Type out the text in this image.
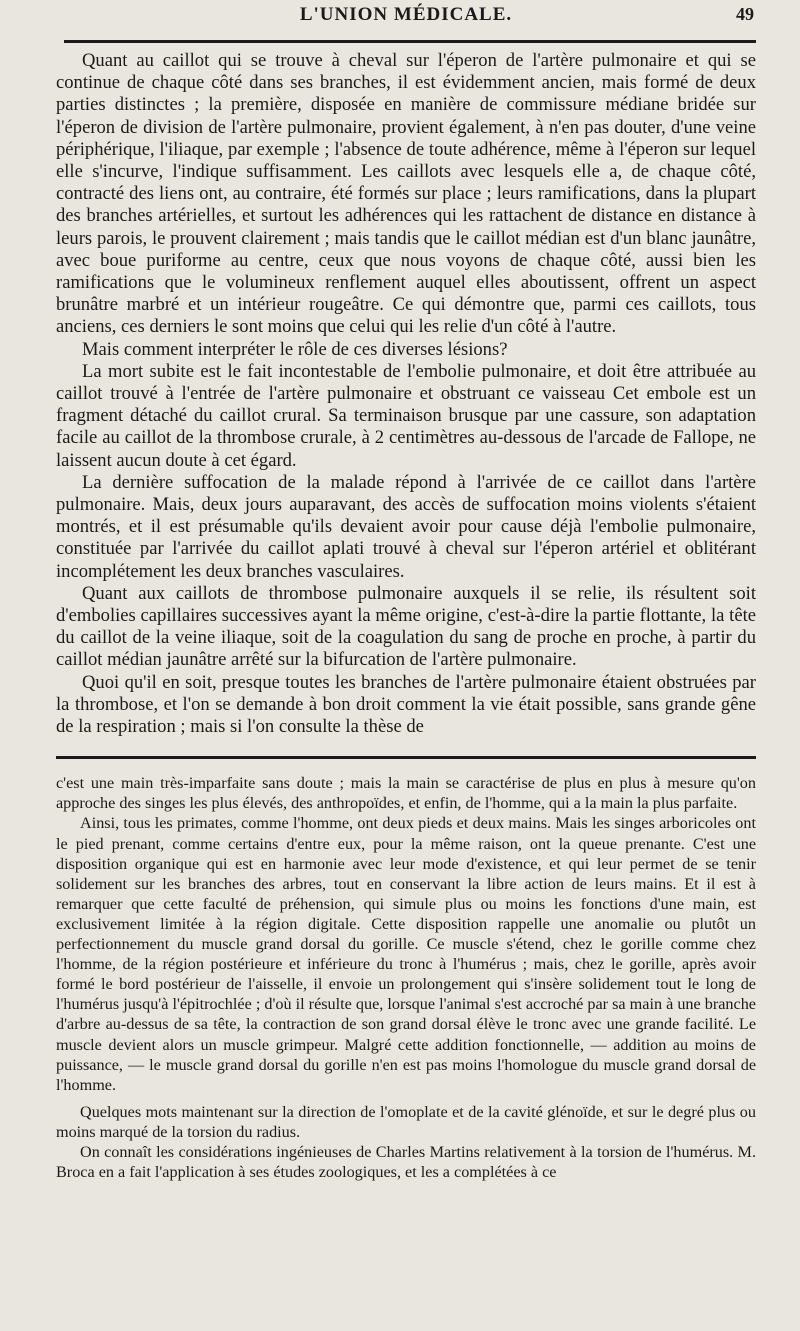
L'UNION MÉDICALE.	49

Quant au caillot qui se trouve à cheval sur l'éperon de l'artère pulmonaire et qui se continue de chaque côté dans ses branches, il est évidemment ancien, mais formé de deux parties distinctes ; la première, disposée en manière de commissure médiane bridée sur l'éperon de division de l'artère pulmonaire, provient également, à n'en pas douter, d'une veine périphérique, l'iliaque, par exemple ; l'absence de toute adhérence, même à l'éperon sur lequel elle s'incurve, l'indique suffisamment. Les caillots avec lesquels elle a, de chaque côté, contracté des liens ont, au contraire, été formés sur place ; leurs ramifications, dans la plupart des branches artérielles, et surtout les adhérences qui les rattachent de distance en distance à leurs parois, le prouvent clairement ; mais tandis que le caillot médian est d'un blanc jaunâtre, avec boue puriforme au centre, ceux que nous voyons de chaque côté, aussi bien les ramifications que le volumineux renflement auquel elles aboutissent, offrent un aspect brunâtre marbré et un intérieur rougeâtre. Ce qui démontre que, parmi ces caillots, tous anciens, ces derniers le sont moins que celui qui les relie d'un côté à l'autre.

Mais comment interpréter le rôle de ces diverses lésions?

La mort subite est le fait incontestable de l'embolie pulmonaire, et doit être attribuée au caillot trouvé à l'entrée de l'artère pulmonaire et obstruant ce vaisseau Cet embole est un fragment détaché du caillot crural. Sa terminaison brusque par une cassure, son adaptation facile au caillot de la thrombose crurale, à 2 centimètres au-dessous de l'arcade de Fallope, ne laissent aucun doute à cet égard.

La dernière suffocation de la malade répond à l'arrivée de ce caillot dans l'artère pulmonaire. Mais, deux jours auparavant, des accès de suffocation moins violents s'étaient montrés, et il est présumable qu'ils devaient avoir pour cause déjà l'embolie pulmonaire, constituée par l'arrivée du caillot aplati trouvé à cheval sur l'éperon artériel et oblitérant incomplétement les deux branches vasculaires.

Quant aux caillots de thrombose pulmonaire auxquels il se relie, ils résultent soit d'embolies capillaires successives ayant la même origine, c'est-à-dire la partie flottante, la tête du caillot de la veine iliaque, soit de la coagulation du sang de proche en proche, à partir du caillot médian jaunâtre arrêté sur la bifurcation de l'artère pulmonaire.

Quoi qu'il en soit, presque toutes les branches de l'artère pulmonaire étaient obstruées par la thrombose, et l'on se demande à bon droit comment la vie était possible, sans grande gêne de la respiration ; mais si l'on consulte la thèse de

c'est une main très-imparfaite sans doute ; mais la main se caractérise de plus en plus à mesure qu'on approche des singes les plus élevés, des anthropoïdes, et enfin, de l'homme, qui a la main la plus parfaite.

Ainsi, tous les primates, comme l'homme, ont deux pieds et deux mains. Mais les singes arboricoles ont le pied prenant, comme certains d'entre eux, pour la même raison, ont la queue prenante. C'est une disposition organique qui est en harmonie avec leur mode d'existence, et qui leur permet de se tenir solidement sur les branches des arbres, tout en conservant la libre action de leurs mains. Et il est à remarquer que cette faculté de préhension, qui simule plus ou moins les fonctions d'une main, est exclusivement limitée à la région digitale. Cette disposition rappelle une anomalie ou plutôt un perfectionnement du muscle grand dorsal du gorille. Ce muscle s'étend, chez le gorille comme chez l'homme, de la région postérieure et inférieure du tronc à l'humérus ; mais, chez le gorille, après avoir formé le bord postérieur de l'aisselle, il envoie un prolongement qui s'insère solidement tout le long de l'humérus jusqu'à l'épitrochlée ; d'où il résulte que, lorsque l'animal s'est accroché par sa main à une branche d'arbre au-dessus de sa tête, la contraction de son grand dorsal élève le tronc avec une grande facilité. Le muscle devient alors un muscle grimpeur. Malgré cette addition fonctionnelle, — addition au moins de puissance, — le muscle grand dorsal du gorille n'en est pas moins l'homologue du muscle grand dorsal de l'homme.

Quelques mots maintenant sur la direction de l'omoplate et de la cavité glénoïde, et sur le degré plus ou moins marqué de la torsion du radius.

On connaît les considérations ingénieuses de Charles Martins relativement à la torsion de l'humérus. M. Broca en a fait l'application à ses études zoologiques, et les a complétées à ce
